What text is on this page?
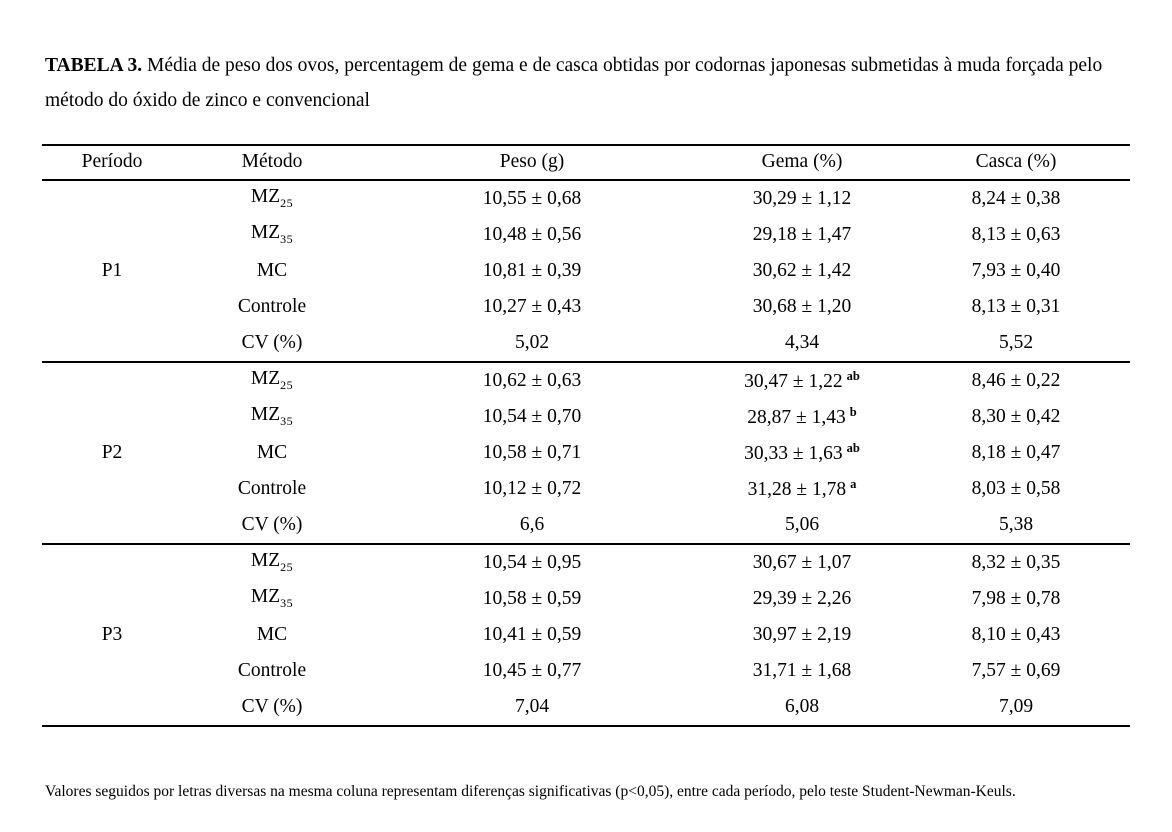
TABELA 3. Média de peso dos ovos, percentagem de gema e de casca obtidas por codornas japonesas submetidas à muda forçada pelo método do óxido de zinco e convencional

Período	Método	Peso (g)	Gema (%)	Casca (%)
P1	$MZ_{25}$	10,55 ± 0,68	30,29 ± 1,12	8,24 ± 0,38
	$MZ_{35}$	10,48 ± 0,56	29,18 ± 1,47	8,13 ± 0,63
	MC	10,81 ± 0,39	30,62 ± 1,42	7,93 ± 0,40
	Controle	10,27 ± 0,43	30,68 ± 1,20	8,13 ± 0,31
	CV (%)	5,02	4,34	5,52
P2	$MZ_{25}$	10,62 ± 0,63	30,47 ± 1,22 $^{ab}$	8,46 ± 0,22
	$MZ_{35}$	10,54 ± 0,70	28,87 ± 1,43 $^b$	8,30 ± 0,42
	MC	10,58 ± 0,71	30,33 ± 1,63 $^{ab}$	8,18 ± 0,47
	Controle	10,12 ± 0,72	31,28 ± 1,78 $^a$	8,03 ± 0,58
	CV (%)	6,6	5,06	5,38
P3	$MZ_{25}$	10,54 ± 0,95	30,67 ± 1,07	8,32 ± 0,35
	$MZ_{35}$	10,58 ± 0,59	29,39 ± 2,26	7,98 ± 0,78
	MC	10,41 ± 0,59	30,97 ± 2,19	8,10 ± 0,43
	Controle	10,45 ± 0,77	31,71 ± 1,68	7,57 ± 0,69
	CV (%)	7,04	6,08	7,09

Valores seguidos por letras diversas na mesma coluna representam diferenças significativas (p<0,05), entre cada período, pelo teste Student-Newman-Keuls.
